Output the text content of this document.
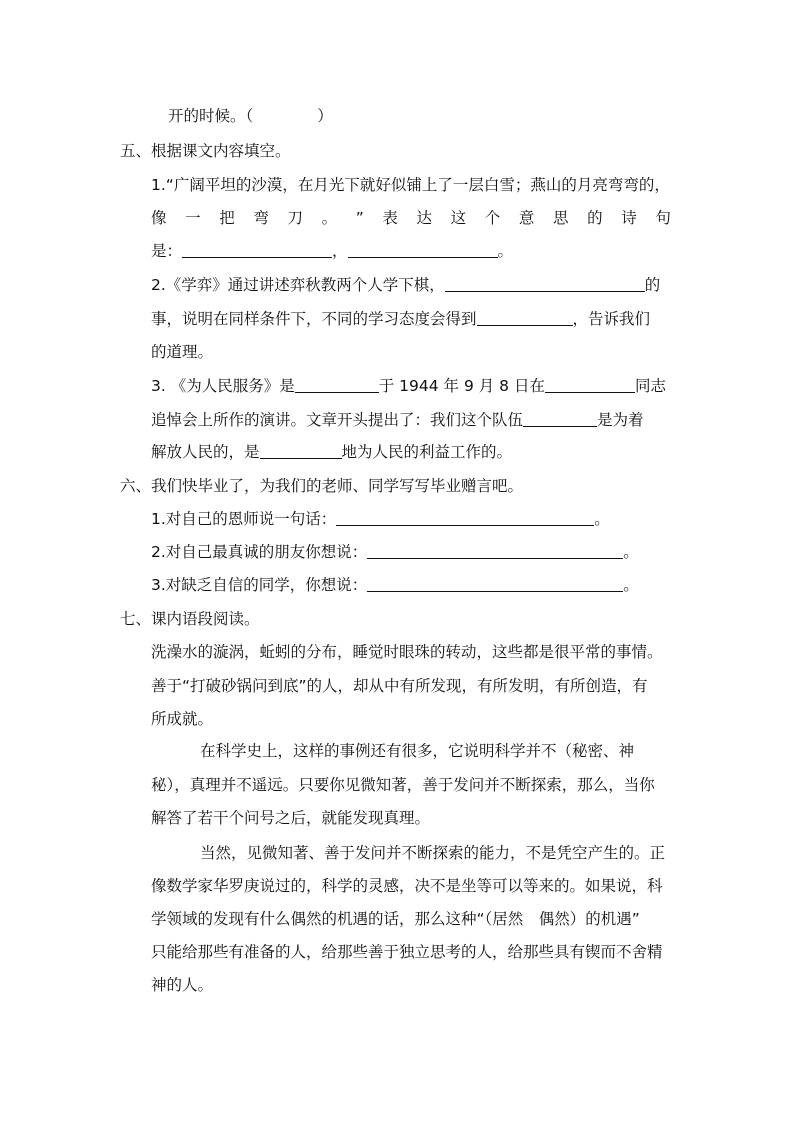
开的时候。（	）
五、根据课文内容填空。
1.“广阔平坦的沙漠，在月光下就好似铺上了一层白雪；燕山的月亮弯弯的，
像 一 把 弯 刀 。 ” 表 达 这 个 意 思 的 诗 句
是：	，	。
2.《学弈》通过讲述弈秋教两个人学下棋，	的
事，说明在同样条件下，不同的学习态度会得到	，告诉我们
的道理。
3. 《为人民服务》是	于 1944 年 9 月 8 日在	同志
追悼会上所作的演讲。文章开头提出了：我们这个队伍	是为着
解放人民的，是	地为人民的利益工作的。
六、我们快毕业了，为我们的老师、同学写写毕业赠言吧。
1.对自己的恩师说一句话：	。
2.对自己最真诚的朋友你想说：	。
3.对缺乏自信的同学，你想说：	。
七、课内语段阅读。
洗澡水的漩涡，蚯蚓的分布，睡觉时眼珠的转动，这些都是很平常的事情。
善于“打破砂锅问到底”的人，却从中有所发现，有所发明，有所创造，有
所成就。
在科学史上，这样的事例还有很多，它说明科学并不（秘密、神
秘），真理并不遥远。只要你见微知著，善于发问并不断探索，那么，当你
解答了若干个问号之后，就能发现真理。
当然，见微知著、善于发问并不断探索的能力，不是凭空产生的。正
像数学家华罗庚说过的，科学的灵感，决不是坐等可以等来的。如果说，科
学领域的发现有什么偶然的机遇的话，那么这种“（居然　偶然）的机遇”
只能给那些有准备的人，给那些善于独立思考的人，给那些具有锲而不舍精
神的人。
